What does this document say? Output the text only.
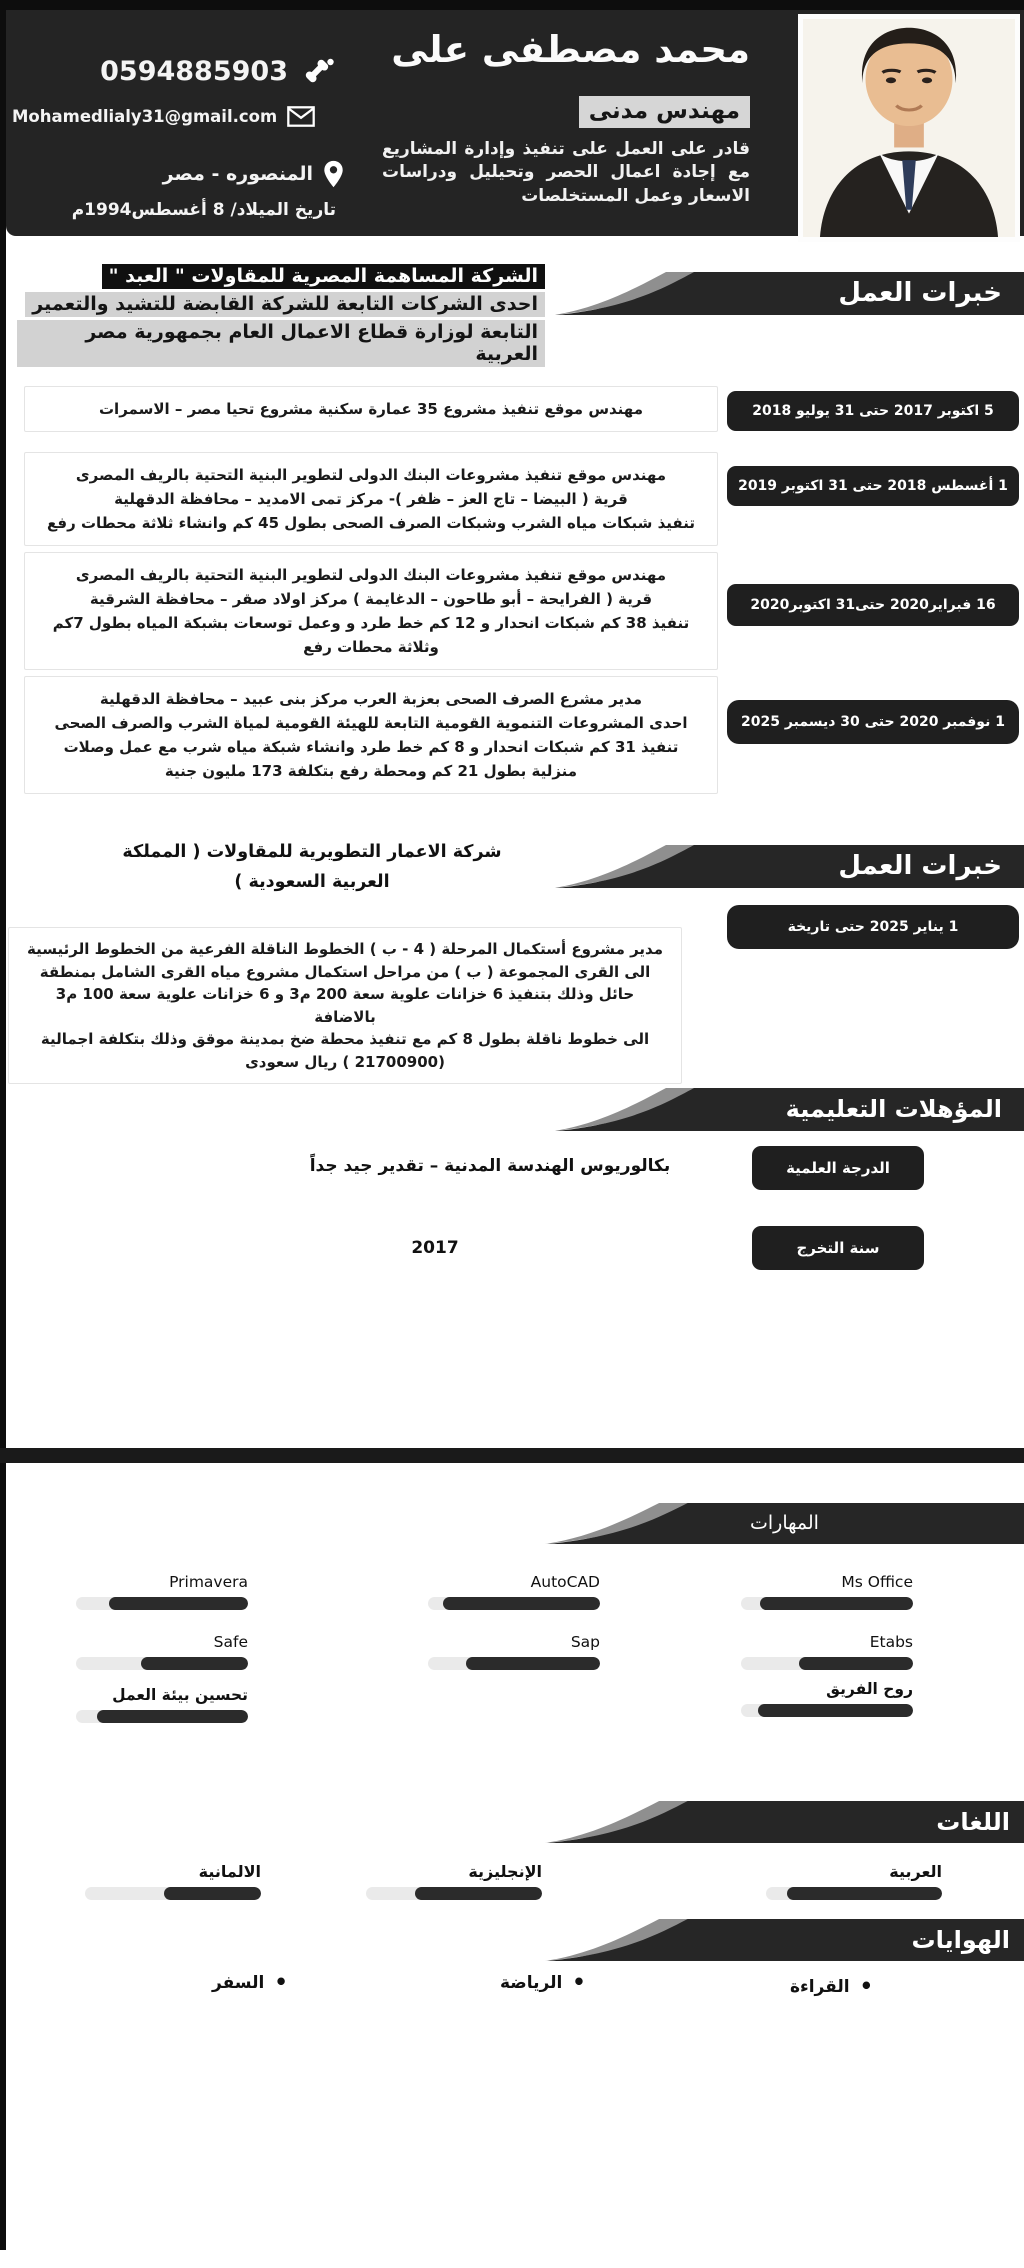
محمد مصطفى على
0594885903
مهندس مدنى
Mohamedlialy31@gmail.com
قادر على العمل على تنفيذ وإدارة المشاريع مع إجادة اعمال الحصر وتحيليل ودراسات الاسعار وعمل المستخلصات
المنصوره - مصر
تاريخ الميلاد/ 8 أغسطس1994م
خبرات العمل
الشركة المساهمة المصرية للمقاولات " العبد "
احدى الشركات التابعة للشركة القابضة للتشيد والتعمير
التابعة لوزارة قطاع الاعمال العام بجمهورية مصر العربية
5 اكتوبر 2017 حتى 31 يوليو 2018
مهندس موقع تنفيذ مشروع 35 عمارة سكنية مشروع تحيا مصر – الاسمرات
1 أغسطس 2018 حتى 31 اكتوبر 2019
مهندس موقع تنفيذ مشروعات البنك الدولى لتطوير البنية التحتية بالريف المصرى
قرية ( البيضا – تاج العز – ظفر )- مركز تمى الامديد – محافظة الدقهلية
تنفيذ شبكات مياه الشرب وشبكات الصرف الصحى بطول 45 كم وانشاء ثلاثة محطات رفع
16 فبراير2020 حتى31 اكتوبر2020
مهندس موقع تنفيذ مشروعات البنك الدولى لتطوير البنية التحتية بالريف المصرى
قرية ( الفرايحة – أبو طاحون – الدغايمة ) مركز اولاد صقر – محافظة الشرقية
تنفيذ 38 كم شبكات انحدار و 12 كم خط طرد و وعمل توسعات بشبكة المياه بطول 7كم
وثلاثة محطات رفع
1 نوفمبر 2020 حتى 30 ديسمبر 2025
مدير مشرع الصرف الصحى بعزبة العرب مركز بنى عبيد – محافظة الدقهلية
احدى المشروعات التنموية القومية التابعة للهيئة القومية لمياة الشرب والصرف الصحى
تنفيذ 31 كم شبكات انحدار و 8 كم خط طرد وانشاء شبكة مياه شرب مع عمل وصلات
منزلية بطول 21 كم ومحطة رفع بتكلفة 173 مليون جنية
خبرات العمل
شركة الاعمار التطويرية للمقاولات ( المملكة
العربية السعودية )
1 يناير 2025 حتى تاريخة
مدير مشروع أستكمال المرحلة ( 4 - ب ) الخطوط الناقلة الفرعية من الخطوط الرئيسية
الى القرى المجموعة ( ب ) من مراحل استكمال مشروع مياه القرى الشامل بمنطقة
حائل وذلك بتنفيذ 6 خزانات علوية سعة 200 م3 و 6 خزانات علوية سعة 100 م3 بالاضافة
الى خطوط ناقلة بطول 8 كم مع تنفيذ محطة ضخ بمدينة موقق وذلك بتكلفة اجمالية
(21700900 ) ريال سعودى
المؤهلات التعليمية
الدرجة العلمية
بكالوريوس الهندسة المدنية – تقدير جيد جداً
سنة التخرج
2017
المهارات
Ms Office
AutoCAD
Primavera
Etabs
Sap
Safe
روح الفريق
تحسين بيئة العمل
اللغات
العربية
الإنجليزية
الالمانية
الهوايات
•
القراءة
•
الرياضة
•
السفر
